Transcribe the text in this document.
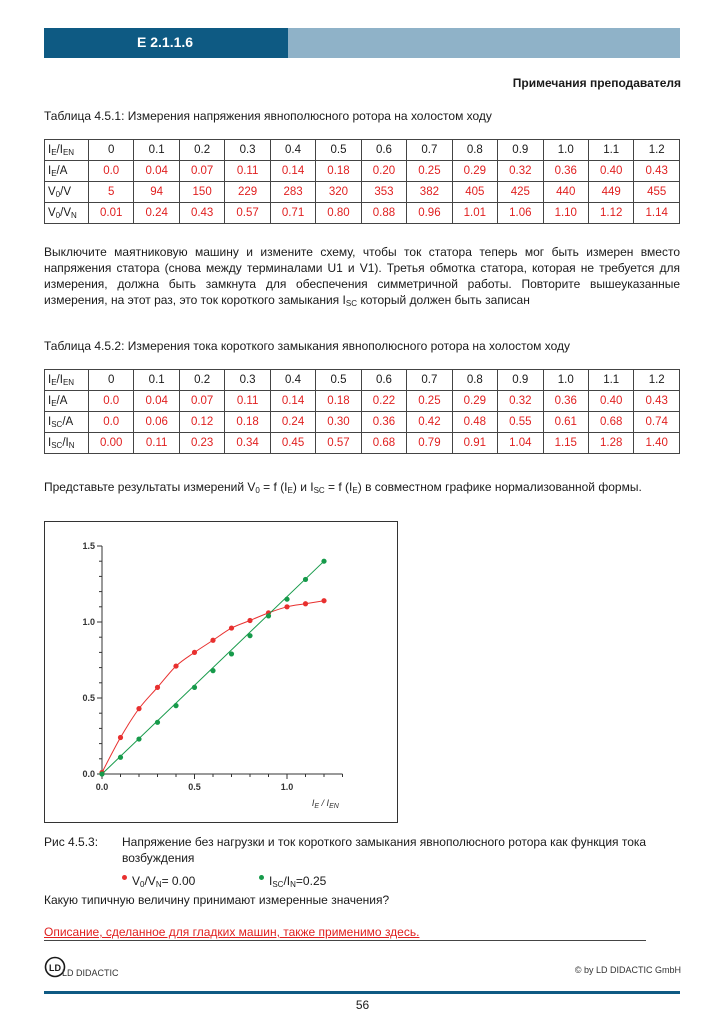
E 2.1.1.6
Примечания преподавателя
Таблица 4.5.1: Измерения напряжения явнополюсного ротора на холостом ходу
$I_E/I_{EN}$	0	0.1	0.2	0.3	0.4	0.5	0.6	0.7	0.8	0.9	1.0	1.1	1.2
$I_E/A$	0.0	0.04	0.07	0.11	0.14	0.18	0.20	0.25	0.29	0.32	0.36	0.40	0.43
$V_0/V$	5	94	150	229	283	320	353	382	405	425	440	449	455
$V_0/V_N$	0.01	0.24	0.43	0.57	0.71	0.80	0.88	0.96	1.01	1.06	1.10	1.12	1.14
Выключите маятниковую машину и измените схему, чтобы ток статора теперь мог быть измерен вместо напряжения статора (снова между терминалами U1 и V1). Третья обмотка статора, которая не требуется для измерения, должна быть замкнута для обеспечения симметричной работы. Повторите вышеуказанные измерения, на этот раз, это ток короткого замыкания $I_{SC}$ который должен быть записан
Таблица 4.5.2: Измерения тока короткого замыкания явнополюсного ротора на холостом ходу
$I_E/I_{EN}$	0	0.1	0.2	0.3	0.4	0.5	0.6	0.7	0.8	0.9	1.0	1.1	1.2
$I_E/A$	0.0	0.04	0.07	0.11	0.14	0.18	0.22	0.25	0.29	0.32	0.36	0.40	0.43
$I_{SC}/A$	0.0	0.06	0.12	0.18	0.24	0.30	0.36	0.42	0.48	0.55	0.61	0.68	0.74
$I_{SC}/I_N$	0.00	0.11	0.23	0.34	0.45	0.57	0.68	0.79	0.91	1.04	1.15	1.28	1.40
Представьте результаты измерений $V_0 = f$ $(I_E)$ и $I_{SC} = f$ $(I_E)$ в совместном графике нормализованной формы.
0.0	0.5	1.0
0.0
0.5
1.0
1.5
$I_E / I_{EN}$
Рис 4.5.3:	Напряжение без нагрузки и ток короткого замыкания явнополюсного ротора как функция тока возбуждения
$V_0/V_N= 0.00$	$I_{SC}/I_N=0.25$
Какую типичную величину принимают измеренные значения?
Описание, сделанное для гладких машин, также применимо здесь.
LD LD DIDACTIC	© by LD DIDACTIC GmbH
56
